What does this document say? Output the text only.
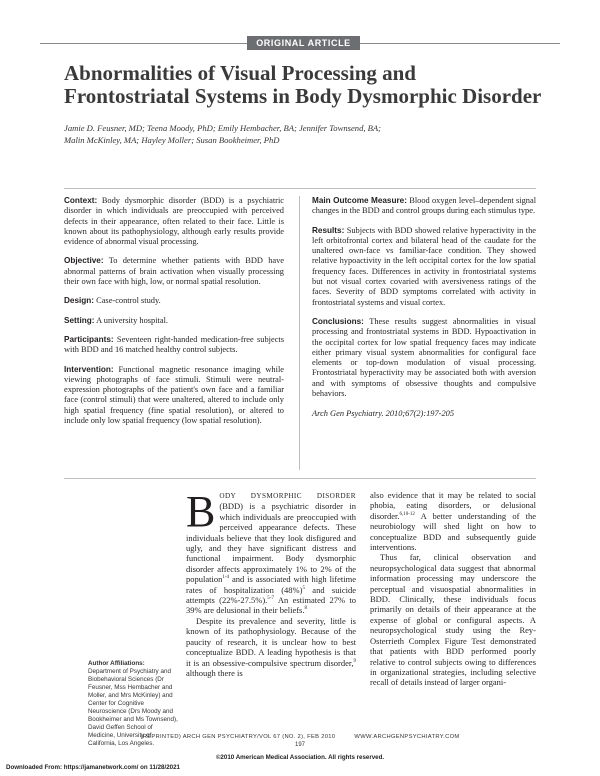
ORIGINAL ARTICLE
Abnormalities of Visual Processing and
Frontostriatal Systems in Body Dysmorphic Disorder
Jamie D. Feusner, MD; Teena Moody, PhD; Emily Hembacher, BA; Jennifer Townsend, BA;
Malin McKinley, MA; Hayley Moller; Susan Bookheimer, PhD

Context: Body dysmorphic disorder (BDD) is a psychiatric disorder in which individuals are preoccupied with perceived defects in their appearance, often related to their face. Little is known about its pathophysiology, although early results provide evidence of abnormal visual processing.

Objective: To determine whether patients with BDD have abnormal patterns of brain activation when visually processing their own face with high, low, or normal spatial resolution.

Design: Case-control study.

Setting: A university hospital.

Participants: Seventeen right-handed medication-free subjects with BDD and 16 matched healthy control subjects.

Intervention: Functional magnetic resonance imaging while viewing photographs of face stimuli. Stimuli were neutral-expression photographs of the patient's own face and a familiar face (control stimuli) that were unaltered, altered to include only high spatial frequency (fine spatial resolution), or altered to include only low spatial frequency (low spatial resolution).

Main Outcome Measure: Blood oxygen level–dependent signal changes in the BDD and control groups during each stimulus type.

Results: Subjects with BDD showed relative hyperactivity in the left orbitofrontal cortex and bilateral head of the caudate for the unaltered own-face vs familiar-face condition. They showed relative hypoactivity in the left occipital cortex for the low spatial frequency faces. Differences in activity in frontostriatal systems but not visual cortex covaried with aversiveness ratings of the faces. Severity of BDD symptoms correlated with activity in frontostriatal systems and visual cortex.

Conclusions: These results suggest abnormalities in visual processing and frontostriatal systems in BDD. Hypoactivation in the occipital cortex for low spatial frequency faces may indicate either primary visual system abnormalities for configural face elements or top-down modulation of visual processing. Frontostriatal hyperactivity may be associated both with aversion and with symptoms of obsessive thoughts and compulsive behaviors.

Arch Gen Psychiatry. 2010;67(2):197-205

Author Affiliations:
Department of Psychiatry and Biobehavioral Sciences (Dr Feusner, Mss Hembacher and Moller, and Mrs McKinley) and Center for Cognitive Neuroscience (Drs Moody and Bookheimer and Ms Townsend), David Geffen School of Medicine, University of California, Los Angeles.

BODY DYSMORPHIC DISORDER (BDD) is a psychiatric disorder in which individuals are preoccupied with perceived appearance defects. These individuals believe that they look disfigured and ugly, and they have significant distress and functional impairment. Body dysmorphic disorder affects approximately 1% to 2% of the population$^{1-4}$ and is associated with high lifetime rates of hospitalization $(48\%)^5$ and suicide attempts (22%-27.5%).$^{5-7}$ An estimated 27% to 39% are delusional in their beliefs.$^8$

Despite its prevalence and severity, little is known of its pathophysiology. Because of the paucity of research, it is unclear how to best conceptualize BDD. A leading hypothesis is that it is an obsessive-compulsive spectrum disorder,$^9$ although there is

also evidence that it may be related to social phobia, eating disorders, or delusional disorder.$^{6,10-12}$ A better understanding of the neurobiology will shed light on how to conceptualize BDD and subsequently guide interventions.

Thus far, clinical observation and neuropsychological data suggest that abnormal information processing may underscore the perceptual and visuospatial abnormalities in BDD. Clinically, these individuals focus primarily on details of their appearance at the expense of global or configural aspects. A neuropsychological study using the Rey-Osterrieth Complex Figure Test demonstrated that patients with BDD performed poorly relative to control subjects owing to differences in organizational strategies, including selective recall of details instead of larger organi-

(REPRINTED) ARCH GEN PSYCHIATRY/VOL 67 (NO. 2), FEB 2010          WWW.ARCHGENPSYCHIATRY.COM
197
©2010 American Medical Association. All rights reserved.
Downloaded From: https://jamanetwork.com/ on 11/28/2021
